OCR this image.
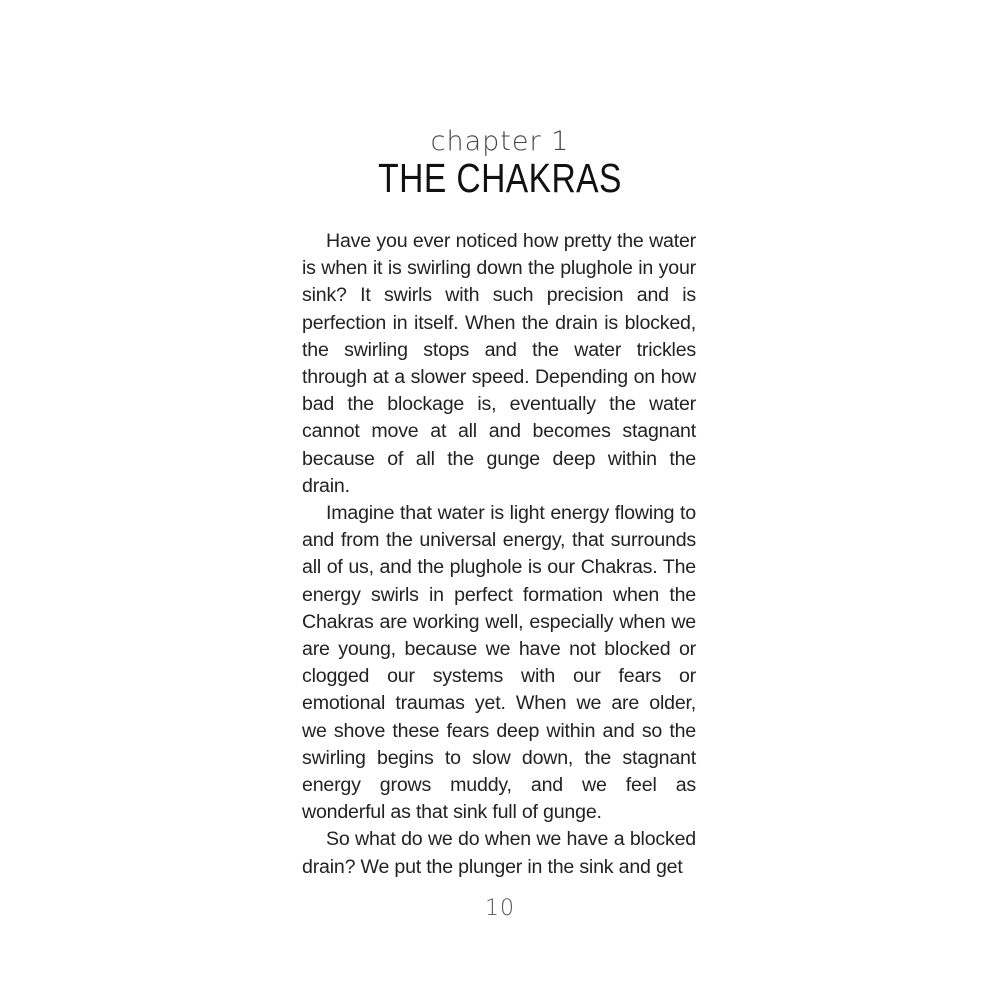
chapter 1
THE CHAKRAS

Have you ever noticed how pretty the water is when it is swirling down the plughole in your sink? It swirls with such precision and is perfection in itself. When the drain is blocked, the swirling stops and the water trickles through at a slower speed. Depending on how bad the blockage is, eventually the water cannot move at all and becomes stagnant because of all the gunge deep within the drain.

Imagine that water is light energy flowing to and from the universal energy, that surrounds all of us, and the plughole is our Chakras. The energy swirls in perfect formation when the Chakras are working well, especially when we are young, because we have not blocked or clogged our systems with our fears or emotional traumas yet. When we are older, we shove these fears deep within and so the swirling begins to slow down, the stagnant energy grows muddy, and we feel as wonderful as that sink full of gunge.

So what do we do when we have a blocked drain? We put the plunger in the sink and get

10
